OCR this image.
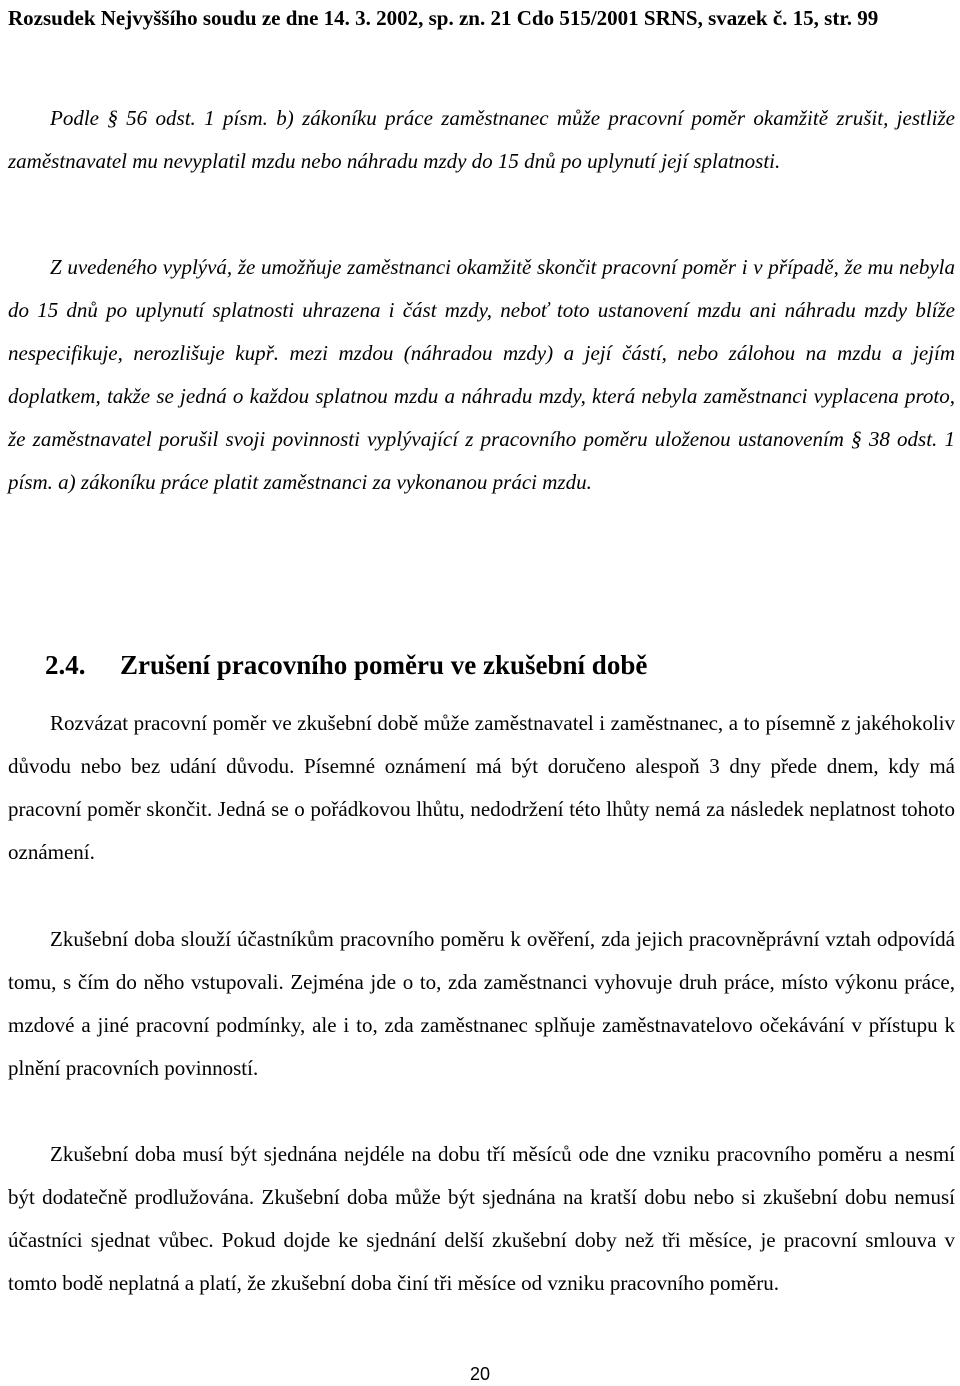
Rozsudek Nejvyššího soudu ze dne 14. 3. 2002, sp. zn. 21 Cdo 515/2001 SRNS, svazek č. 15, str. 99

Podle § 56 odst. 1 písm. b) zákoníku práce zaměstnanec může pracovní poměr okamžitě zrušit, jestliže zaměstnavatel mu nevyplatil mzdu nebo náhradu mzdy do 15 dnů po uplynutí její splatnosti.

Z uvedeného vyplývá, že umožňuje zaměstnanci okamžitě skončit pracovní poměr i v případě, že mu nebyla do 15 dnů po uplynutí splatnosti uhrazena i část mzdy, neboť toto ustanovení mzdu ani náhradu mzdy blíže nespecifikuje, nerozlišuje kupř. mezi mzdou (náhradou mzdy) a její částí, nebo zálohou na mzdu a jejím doplatkem, takže se jedná o každou splatnou mzdu a náhradu mzdy, která nebyla zaměstnanci vyplacena proto, že zaměstnavatel porušil svoji povinnosti vyplývající z pracovního poměru uloženou ustanovením § 38 odst. 1 písm. a) zákoníku práce platit zaměstnanci za vykonanou práci mzdu.

2.4. Zrušení pracovního poměru ve zkušební době

Rozvázat pracovní poměr ve zkušební době může zaměstnavatel i zaměstnanec, a to písemně z jakéhokoliv důvodu nebo bez udání důvodu. Písemné oznámení má být doručeno alespoň 3 dny přede dnem, kdy má pracovní poměr skončit. Jedná se o pořádkovou lhůtu, nedodržení této lhůty nemá za následek neplatnost tohoto oznámení.

Zkušební doba slouží účastníkům pracovního poměru k ověření, zda jejich pracovněprávní vztah odpovídá tomu, s čím do něho vstupovali. Zejména jde o to, zda zaměstnanci vyhovuje druh práce, místo výkonu práce, mzdové a jiné pracovní podmínky, ale i to, zda zaměstnanec splňuje zaměstnavatelovo očekávání v přístupu k plnění pracovních povinností.

Zkušební doba musí být sjednána nejdéle na dobu tří měsíců ode dne vzniku pracovního poměru a nesmí být dodatečně prodlužována. Zkušební doba může být sjednána na kratší dobu nebo si zkušební dobu nemusí účastníci sjednat vůbec. Pokud dojde ke sjednání delší zkušební doby než tři měsíce, je pracovní smlouva v tomto bodě neplatná a platí, že zkušební doba činí tři měsíce od vzniku pracovního poměru.

20
